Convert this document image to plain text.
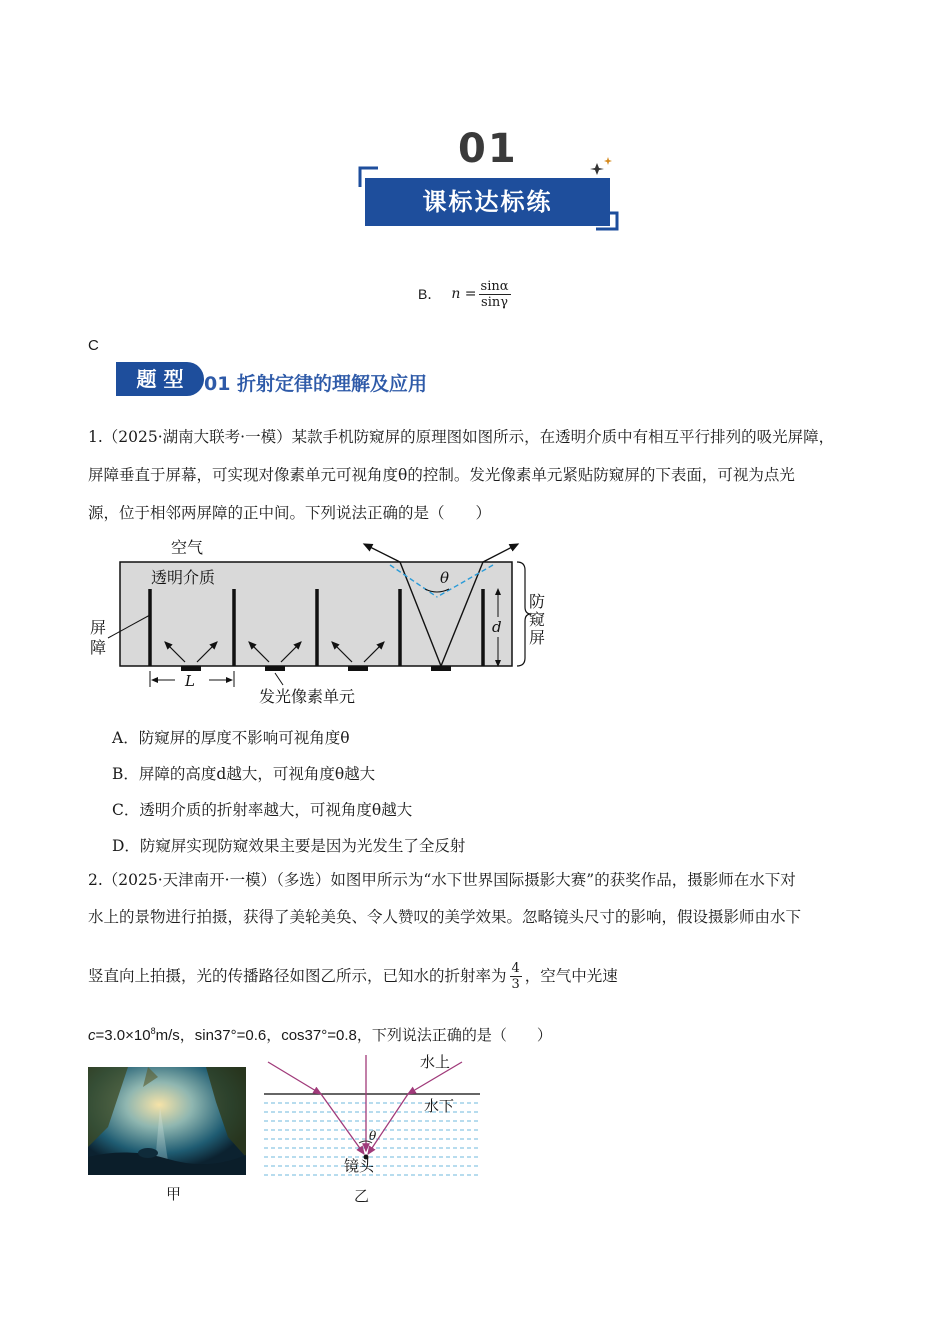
01
课标达标练
B． $n = \frac{\sin\alpha}{\sin\gamma}$
C
题 型	01 折射定律的理解及应用
1.（2025·湖南大联考·一模）某款手机防窥屏的原理图如图所示，在透明介质中有相互平行排列的吸光屏障，
屏障垂直于屏幕，可实现对像素单元可视角度θ的控制。发光像素单元紧贴防窥屏的下表面，可视为点光
源，位于相邻两屏障的正中间。下列说法正确的是（　　）
空气
透明介质
屏
障
θ
d
防
窥
屏
L
发光像素单元
A．防窥屏的厚度不影响可视角度θ
B．屏障的高度d越大，可视角度θ越大
C．透明介质的折射率越大，可视角度θ越大
D．防窥屏实现防窥效果主要是因为光发生了全反射
2.（2025·天津南开·一模）（多选）如图甲所示为“水下世界国际摄影大赛”的获奖作品，摄影师在水下对
水上的景物进行拍摄，获得了美轮美奂、令人赞叹的美学效果。忽略镜头尺寸的影响，假设摄影师由水下
竖直向上拍摄，光的传播路径如图乙所示，已知水的折射率为 $\frac{4}{3}$ ，空气中光速
$c=3.0\times 10^8m/s$，sin37°=0.6，cos37°=0.8，下列说法正确的是（　　）
甲
水上
水下
θ
镜头
乙
